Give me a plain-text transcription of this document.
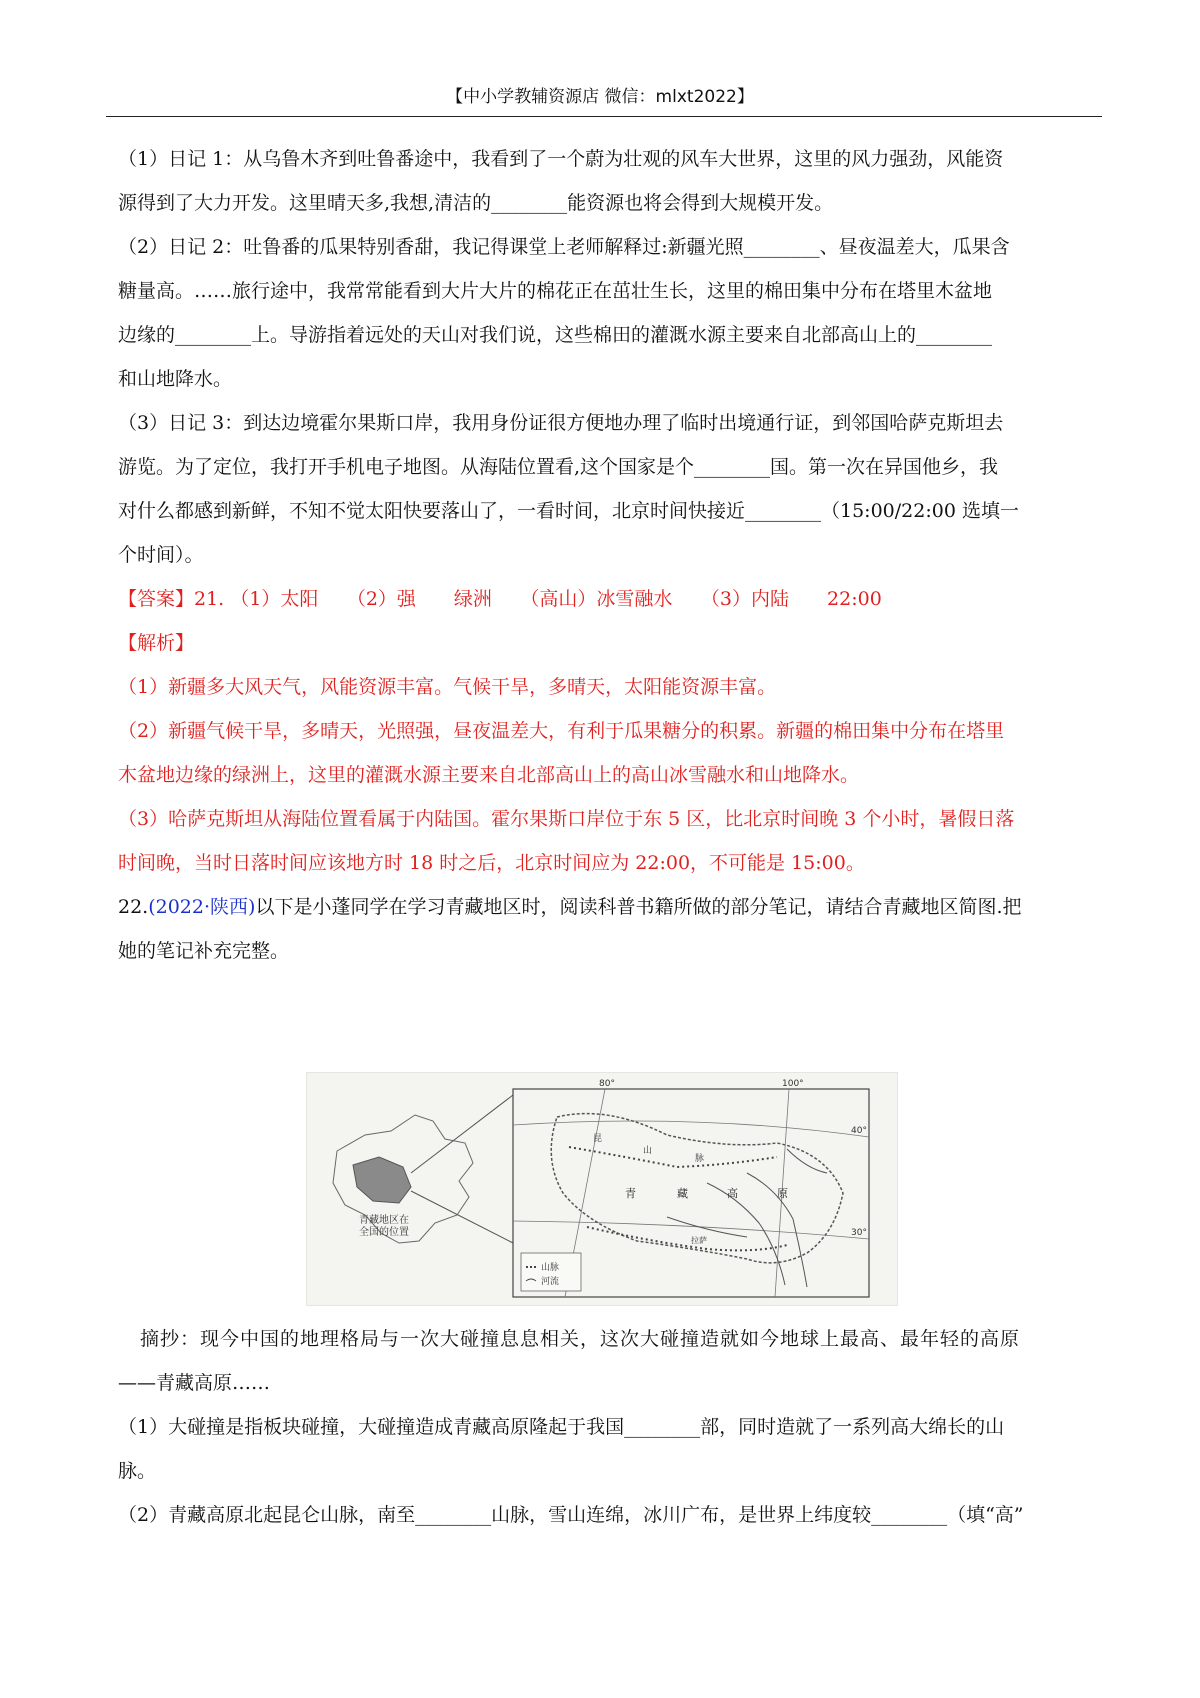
【中小学教辅资源店 微信：mlxt2022】
（1）日记 1：从乌鲁木齐到吐鲁番途中，我看到了一个蔚为壮观的风车大世界，这里的风力强劲，风能资
源得到了大力开发。这里晴天多,我想,清洁的________能资源也将会得到大规模开发。
（2）日记 2：吐鲁番的瓜果特别香甜，我记得课堂上老师解释过:新疆光照________、昼夜温差大，瓜果含
糖量高。……旅行途中，我常常能看到大片大片的棉花正在茁壮生长，这里的棉田集中分布在塔里木盆地
边缘的________上。导游指着远处的天山对我们说，这些棉田的灌溉水源主要来自北部高山上的________
和山地降水。
（3）日记 3：到达边境霍尔果斯口岸，我用身份证很方便地办理了临时出境通行证，到邻国哈萨克斯坦去
游览。为了定位，我打开手机电子地图。从海陆位置看,这个国家是个________国。第一次在异国他乡，我
对什么都感到新鲜，不知不觉太阳快要落山了，一看时间，北京时间快接近________（15:00/22:00 选填一
个时间）。
【答案】21. （1）太阳　　（2）强　　绿洲　　（高山）冰雪融水　　（3）内陆　　22:00
【解析】
（1）新疆多大风天气，风能资源丰富。气候干旱，多晴天，太阳能资源丰富。
（2）新疆气候干旱，多晴天，光照强，昼夜温差大，有利于瓜果糖分的积累。新疆的棉田集中分布在塔里
木盆地边缘的绿洲上，这里的灌溉水源主要来自北部高山上的高山冰雪融水和山地降水。
（3）哈萨克斯坦从海陆位置看属于内陆国。霍尔果斯口岸位于东 5 区，比北京时间晚 3 个小时，暑假日落
时间晚，当时日落时间应该地方时 18 时之后，北京时间应为 22:00，不可能是 15:00。
22.(2022·陕西)以下是小蓬同学在学习青藏地区时，阅读科普书籍所做的部分笔记，请结合青藏地区简图.把
她的笔记补充完整。
青藏地区在
全国的位置
80°	100°
40°
30°
昆
山
脉
青	藏	高	原
拉萨
山脉
河流
摘抄：现今中国的地理格局与一次大碰撞息息相关，这次大碰撞造就如今地球上最高、最年轻的高原
——青藏高原……
（1）大碰撞是指板块碰撞，大碰撞造成青藏高原隆起于我国________部，同时造就了一系列高大绵长的山
脉。
（2）青藏高原北起昆仑山脉，南至________山脉，雪山连绵，冰川广布，是世界上纬度较________（填“高”
